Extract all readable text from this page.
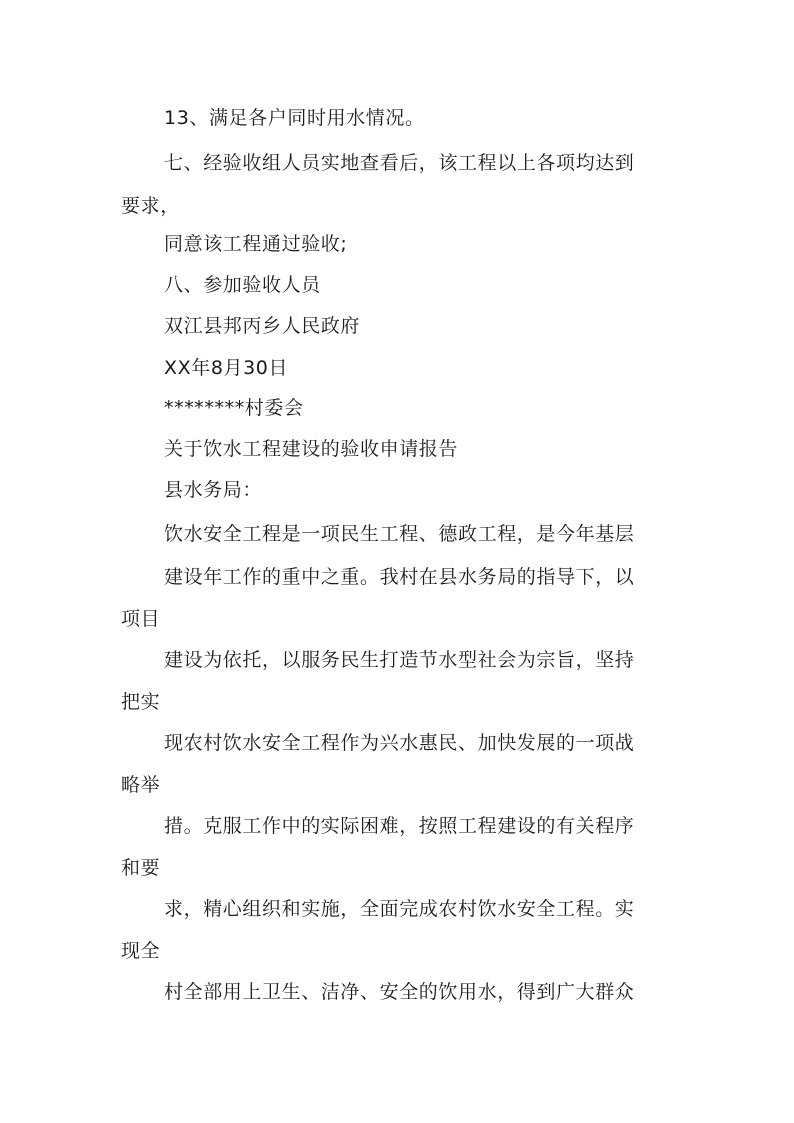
13、满足各户同时用水情况。
七、经验收组人员实地查看后，该工程以上各项均达到
要求，
同意该工程通过验收;
八、参加验收人员
双江县邦丙乡人民政府
XX年8月30日
********村委会
关于饮水工程建设的验收申请报告
县水务局：
饮水安全工程是一项民生工程、德政工程，是今年基层
建设年工作的重中之重。我村在县水务局的指导下，以
项目
建设为依托，以服务民生打造节水型社会为宗旨，坚持
把实
现农村饮水安全工程作为兴水惠民、加快发展的一项战
略举
措。克服工作中的实际困难，按照工程建设的有关程序
和要
求，精心组织和实施，全面完成农村饮水安全工程。实
现全
村全部用上卫生、洁净、安全的饮用水，得到广大群众
